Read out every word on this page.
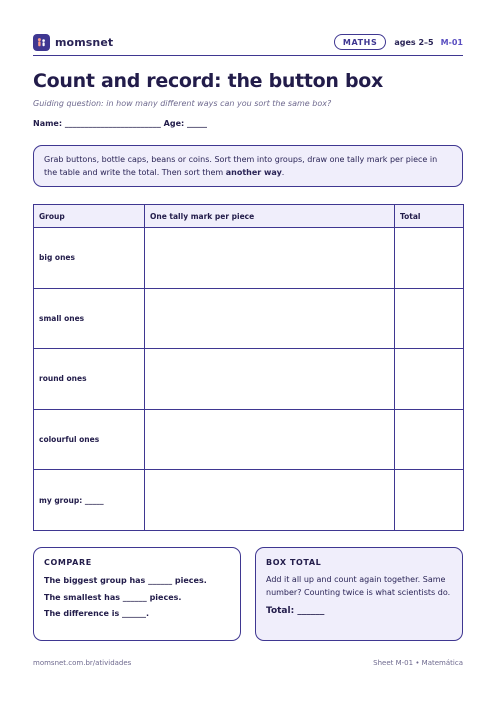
momsnet	MATHS	ages 2–5 M-01
Count and record: the button box

Guiding question: in how many different ways can you sort the same box?

Name: ________________________ Age: _____
Grab buttons, bottle caps, beans or coins. Sort them into groups, draw one tally mark per piece in the table and write the total. Then sort them another way.
Group	One tally mark per piece	Total
big ones		
small ones		
round ones		
colourful ones		
my group: _____		
COMPARE
The biggest group has ______ pieces.
The smallest has ______ pieces.
The difference is ______.
BOX TOTAL
Add it all up and count again together. Same number? Counting twice is what scientists do.
Total: ______
momsnet.com.br/atividades	Sheet M-01 • Matemática
